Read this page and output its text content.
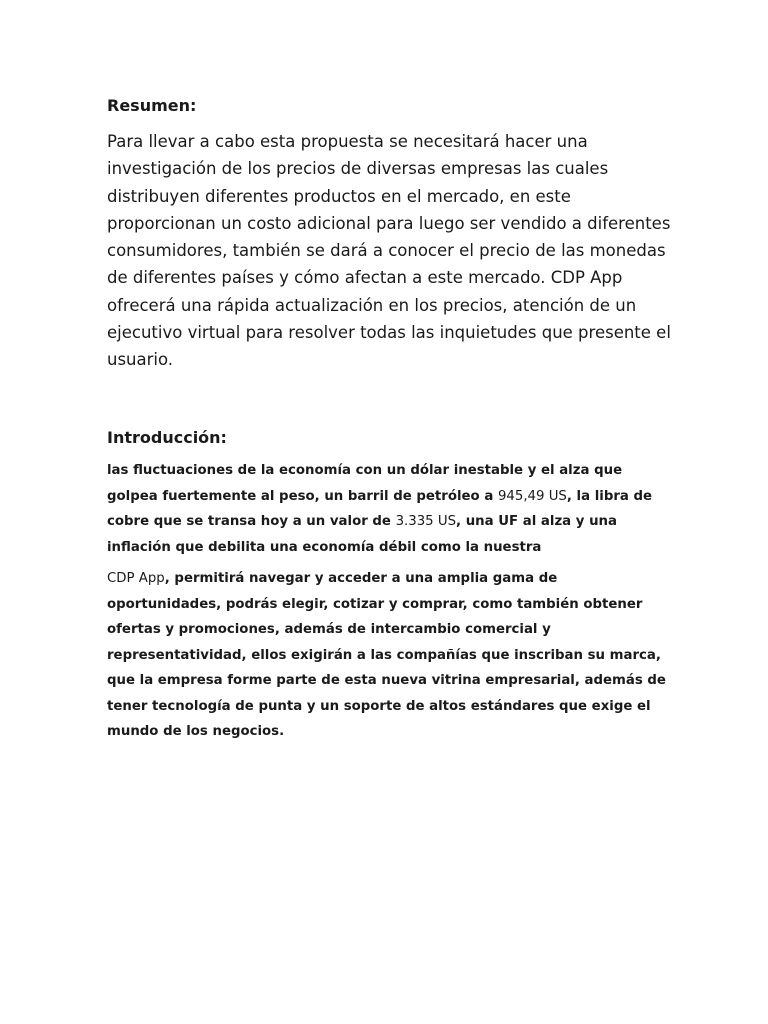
Resumen:

Para llevar a cabo esta propuesta se necesitará hacer una investigación de los precios de diversas empresas las cuales distribuyen diferentes productos en el mercado, en este proporcionan un costo adicional para luego ser vendido a diferentes consumidores, también se dará a conocer el precio de las monedas de diferentes países y cómo afectan a este mercado. CDP App ofrecerá una rápida actualización en los precios, atención de un ejecutivo virtual para resolver todas las inquietudes que presente el usuario.

Introducción:

las fluctuaciones de la economía con un dólar inestable y el alza que golpea fuertemente al peso, un barril de petróleo a 945,49 US, la libra de cobre que se transa hoy a un valor de 3.335 US, una UF al alza y una inflación que debilita una economía débil como la nuestra

CDP App, permitirá navegar y acceder a una amplia gama de oportunidades, podrás elegir, cotizar y comprar, como también obtener ofertas y promociones, además de intercambio comercial y representatividad, ellos exigirán a las compañías que inscriban su marca, que la empresa forme parte de esta nueva vitrina empresarial, además de tener tecnología de punta y un soporte de altos estándares que exige el mundo de los negocios.
